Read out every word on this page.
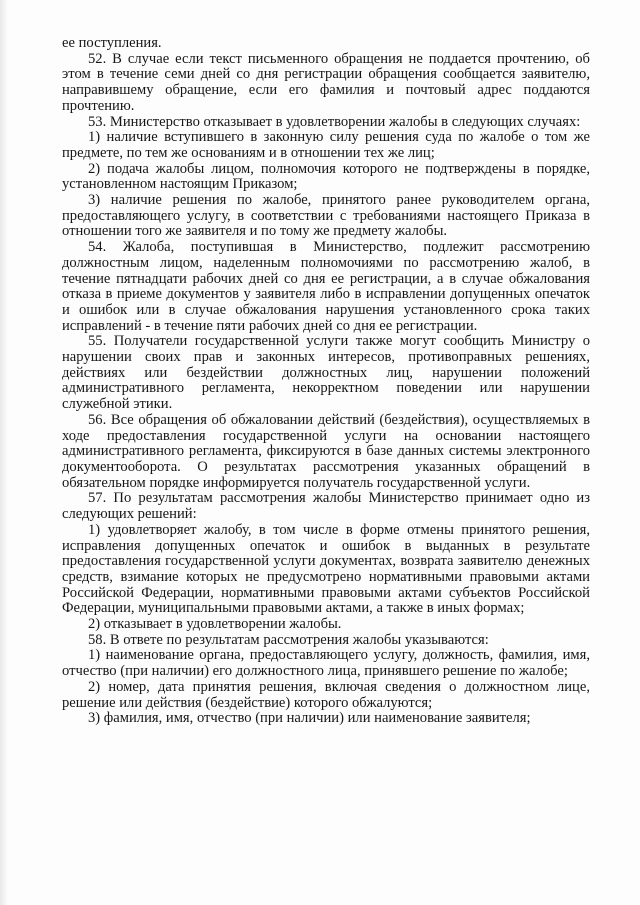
ее поступления.

52. В случае если текст письменного обращения не поддается прочтению, об этом в течение семи дней со дня регистрации обращения сообщается заявителю, направившему обращение, если его фамилия и почтовый адрес поддаются прочтению.

53. Министерство отказывает в удовлетворении жалобы в следующих случаях:

1) наличие вступившего в законную силу решения суда по жалобе о том же предмете, по тем же основаниям и в отношении тех же лиц;

2) подача жалобы лицом, полномочия которого не подтверждены в порядке, установленном настоящим Приказом;

3) наличие решения по жалобе, принятого ранее руководителем органа, предоставляющего услугу, в соответствии с требованиями настоящего Приказа в отношении того же заявителя и по тому же предмету жалобы.

54. Жалоба, поступившая в Министерство, подлежит рассмотрению должностным лицом, наделенным полномочиями по рассмотрению жалоб, в течение пятнадцати рабочих дней со дня ее регистрации, а в случае обжалования отказа в приеме документов у заявителя либо в исправлении допущенных опечаток и ошибок или в случае обжалования нарушения установленного срока таких исправлений - в течение пяти рабочих дней со дня ее регистрации.

55. Получатели государственной услуги также могут сообщить Министру о нарушении своих прав и законных интересов, противоправных решениях, действиях или бездействии должностных лиц, нарушении положений административного регламента, некорректном поведении или нарушении служебной этики.

56. Все обращения об обжаловании действий (бездействия), осуществляемых в ходе предоставления государственной услуги на основании настоящего административного регламента, фиксируются в базе данных системы электронного документооборота. О результатах рассмотрения указанных обращений в обязательном порядке информируется получатель государственной услуги.

57. По результатам рассмотрения жалобы Министерство принимает одно из следующих решений:

1) удовлетворяет жалобу, в том числе в форме отмены принятого решения, исправления допущенных опечаток и ошибок в выданных в результате предоставления государственной услуги документах, возврата заявителю денежных средств, взимание которых не предусмотрено нормативными правовыми актами Российской Федерации, нормативными правовыми актами субъектов Российской Федерации, муниципальными правовыми актами, а также в иных формах;

2) отказывает в удовлетворении жалобы.

58. В ответе по результатам рассмотрения жалобы указываются:

1) наименование органа, предоставляющего услугу, должность, фамилия, имя, отчество (при наличии) его должностного лица, принявшего решение по жалобе;

2) номер, дата принятия решения, включая сведения о должностном лице, решение или действия (бездействие) которого обжалуются;

3) фамилия, имя, отчество (при наличии) или наименование заявителя;
